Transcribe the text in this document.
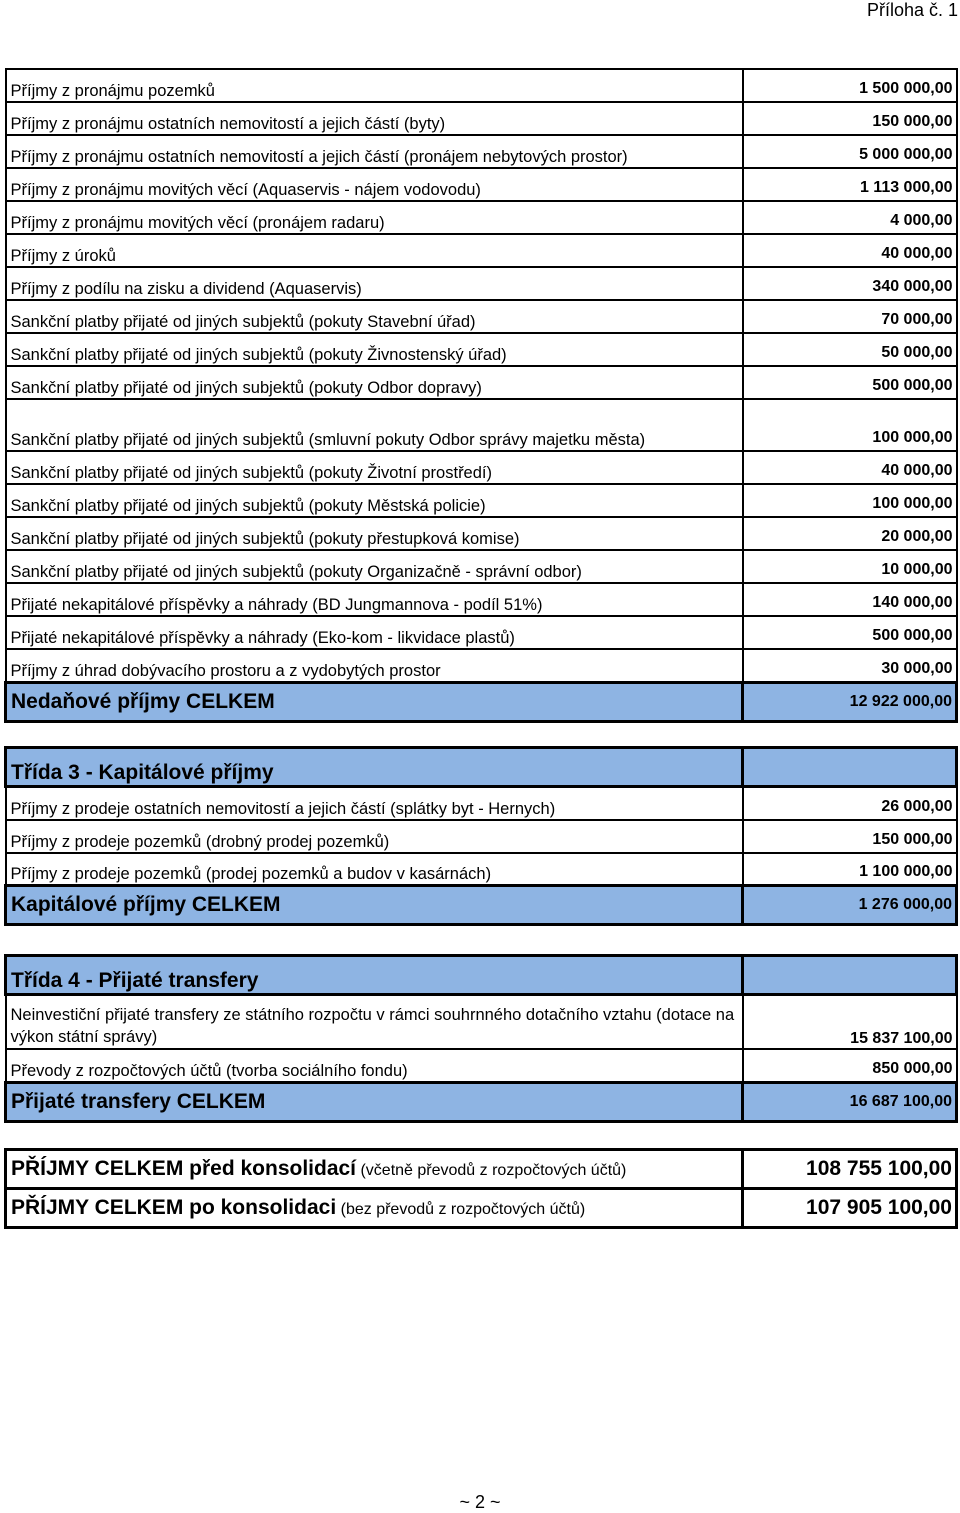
Příloha č. 1
Příjmy z pronájmu pozemků	1 500 000,00
Příjmy z pronájmu ostatních nemovitostí a jejich částí (byty)	150 000,00
Příjmy z pronájmu ostatních nemovitostí a jejich částí (pronájem nebytových prostor)	5 000 000,00
Příjmy z pronájmu movitých věcí (Aquaservis - nájem vodovodu)	1 113 000,00
Příjmy z pronájmu movitých věcí (pronájem radaru)	4 000,00
Příjmy z úroků	40 000,00
Příjmy z podílu na zisku a dividend (Aquaservis)	340 000,00
Sankční platby přijaté od jiných subjektů (pokuty Stavební úřad)	70 000,00
Sankční platby přijaté od jiných subjektů (pokuty Živnostenský úřad)	50 000,00
Sankční platby přijaté od jiných subjektů (pokuty Odbor dopravy)	500 000,00
Sankční platby přijaté od jiných subjektů (smluvní pokuty Odbor správy majetku města)	100 000,00
Sankční platby přijaté od jiných subjektů (pokuty Životní prostředí)	40 000,00
Sankční platby přijaté od jiných subjektů (pokuty Městská policie)	100 000,00
Sankční platby přijaté od jiných subjektů (pokuty přestupková komise)	20 000,00
Sankční platby přijaté od jiných subjektů (pokuty Organizačně - správní odbor)	10 000,00
Přijaté nekapitálové příspěvky a náhrady (BD Jungmannova - podíl 51%)	140 000,00
Přijaté nekapitálové příspěvky a náhrady (Eko-kom - likvidace plastů)	500 000,00
Příjmy z úhrad dobývacího prostoru a z vydobytých prostor	30 000,00
Nedaňové příjmy CELKEM	12 922 000,00
Třída 3 - Kapitálové příjmy	
Příjmy z prodeje ostatních nemovitostí a jejich částí (splátky byt - Hernych)	26 000,00
Příjmy z prodeje pozemků (drobný prodej pozemků)	150 000,00
Příjmy z prodeje pozemků (prodej pozemků a budov v kasárnách)	1 100 000,00
Kapitálové příjmy CELKEM	1 276 000,00
Třída 4 - Přijaté transfery	
Neinvestiční přijaté transfery ze státního rozpočtu v rámci souhrnného dotačního vztahu (dotace na výkon státní správy)	15 837 100,00
Převody z rozpočtových účtů (tvorba sociálního fondu)	850 000,00
Přijaté transfery CELKEM	16 687 100,00
PŘÍJMY CELKEM před konsolidací (včetně převodů z rozpočtových účtů)	108 755 100,00
PŘÍJMY CELKEM po konsolidaci (bez převodů z rozpočtových účtů)	107 905 100,00
~ 2 ~
